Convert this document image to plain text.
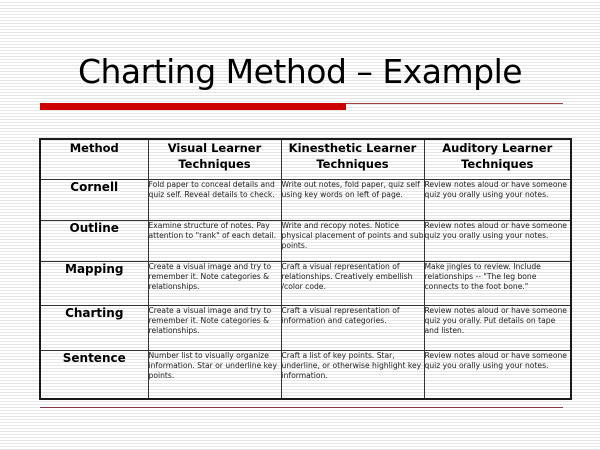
Charting Method – Example
Method	Visual Learner Techniques	Kinesthetic Learner Techniques	Auditory Learner Techniques
Cornell	Fold paper to conceal details and quiz self. Reveal details to check.	Write out notes, fold paper, quiz self using key words on left of page.	Review notes aloud or have someone quiz you orally using your notes.
Outline	Examine structure of notes. Pay attention to "rank" of each detail.	Write and recopy notes. Notice physical placement of points and sub points.	Review notes aloud or have someone quiz you orally using your notes.
Mapping	Create a visual image and try to remember it. Note categories & relationships.	Craft a visual representation of relationships. Creatively embellish /color code.	Make jingles to review. Include relationships -- "The leg bone connects to the foot bone."
Charting	Create a visual image and try to remember it. Note categories & relationships.	Craft a visual representation of information and categories.	Review notes aloud or have someone quiz you orally. Put details on tape and listen.
Sentence	Number list to visually organize information. Star or underline key points.	Craft a list of key points. Star, underline, or otherwise highlight key information.	Review notes aloud or have someone quiz you orally using your notes.
